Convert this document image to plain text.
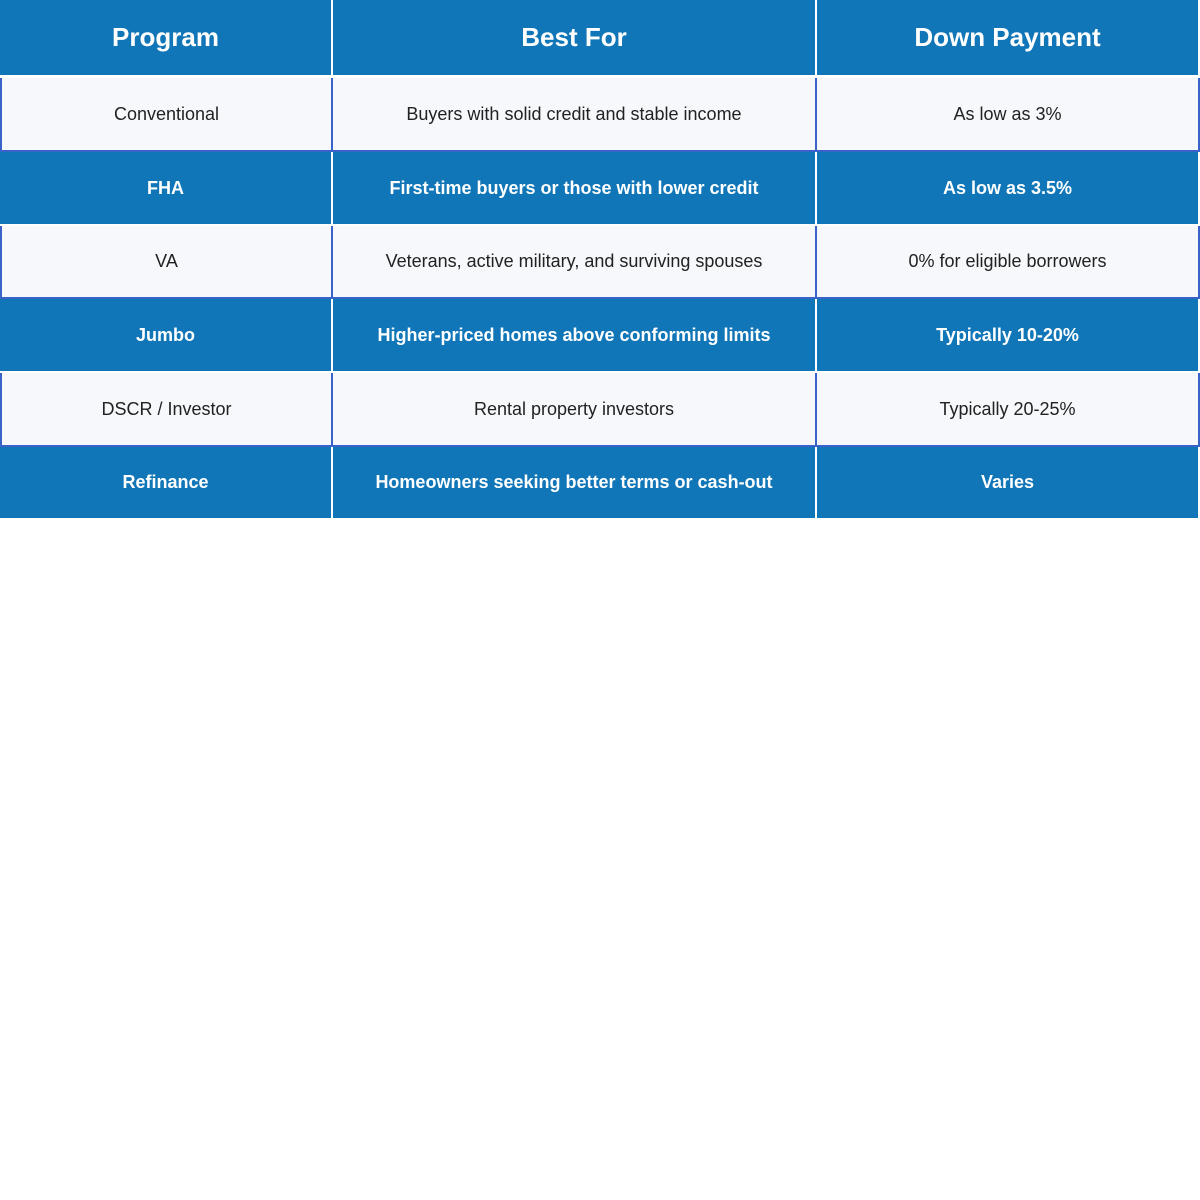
Program	Best For	Down Payment
Conventional	Buyers with solid credit and stable income	As low as 3%
FHA	First-time buyers or those with lower credit	As low as 3.5%
VA	Veterans, active military, and surviving spouses	0% for eligible borrowers
Jumbo	Higher-priced homes above conforming limits	Typically 10-20%
DSCR / Investor	Rental property investors	Typically 20-25%
Refinance	Homeowners seeking better terms or cash-out	Varies
